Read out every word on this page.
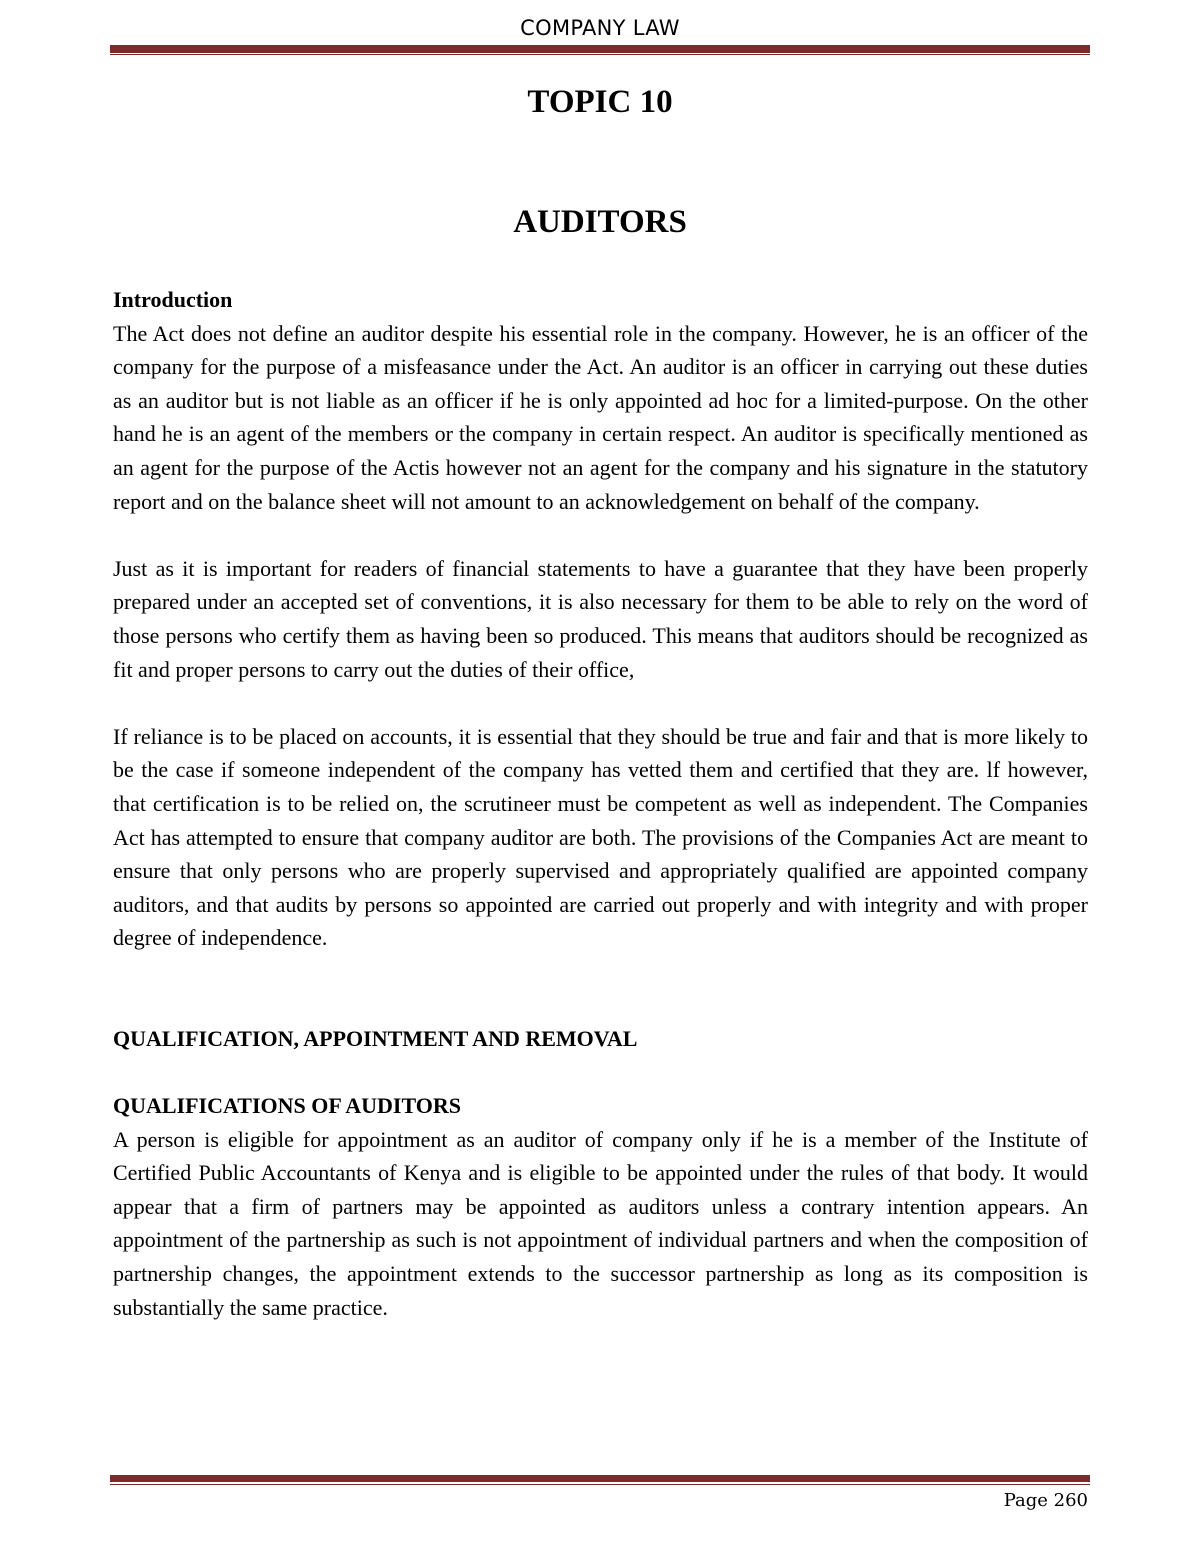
COMPANY LAW
TOPIC 10
AUDITORS
Introduction

The Act does not define an auditor despite his essential role in the company. However, he is an officer of the company for the purpose of a misfeasance under the Act. An auditor is an officer in carrying out these duties as an auditor but is not liable as an officer if he is only appointed ad hoc for a limited-purpose. On the other hand he is an agent of the members or the company in certain respect. An auditor is specifically mentioned as an agent for the purpose of the Actis however not an agent for the company and his signature in the statutory report and on the balance sheet will not amount to an acknowledgement on behalf of the company.

Just as it is important for readers of financial statements to have a guarantee that they have been properly prepared under an accepted set of conventions, it is also necessary for them to be able to rely on the word of those persons who certify them as having been so produced. This means that auditors should be recognized as fit and proper persons to carry out the duties of their office,

If reliance is to be placed on accounts, it is essential that they should be true and fair and that is more likely to be the case if someone independent of the company has vetted them and certified that they are. lf however, that certification is to be relied on, the scrutineer must be competent as well as independent. The Companies Act has attempted to ensure that company auditor are both. The provisions of the Companies Act are meant to ensure that only persons who are properly supervised and appropriately qualified are appointed company auditors, and that audits by persons so appointed are carried out properly and with integrity and with proper degree of independence.

QUALIFICATION, APPOINTMENT AND REMOVAL
QUALIFICATIONS OF AUDITORS

A person is eligible for appointment as an auditor of company only if he is a member of the Institute of Certified Public Accountants of Kenya and is eligible to be appointed under the rules of that body. It would appear that a firm of partners may be appointed as auditors unless a contrary intention appears. An appointment of the partnership as such is not appointment of individual partners and when the composition of partnership changes, the appointment extends to the successor partnership as long as its composition is substantially the same practice.

Page 260
